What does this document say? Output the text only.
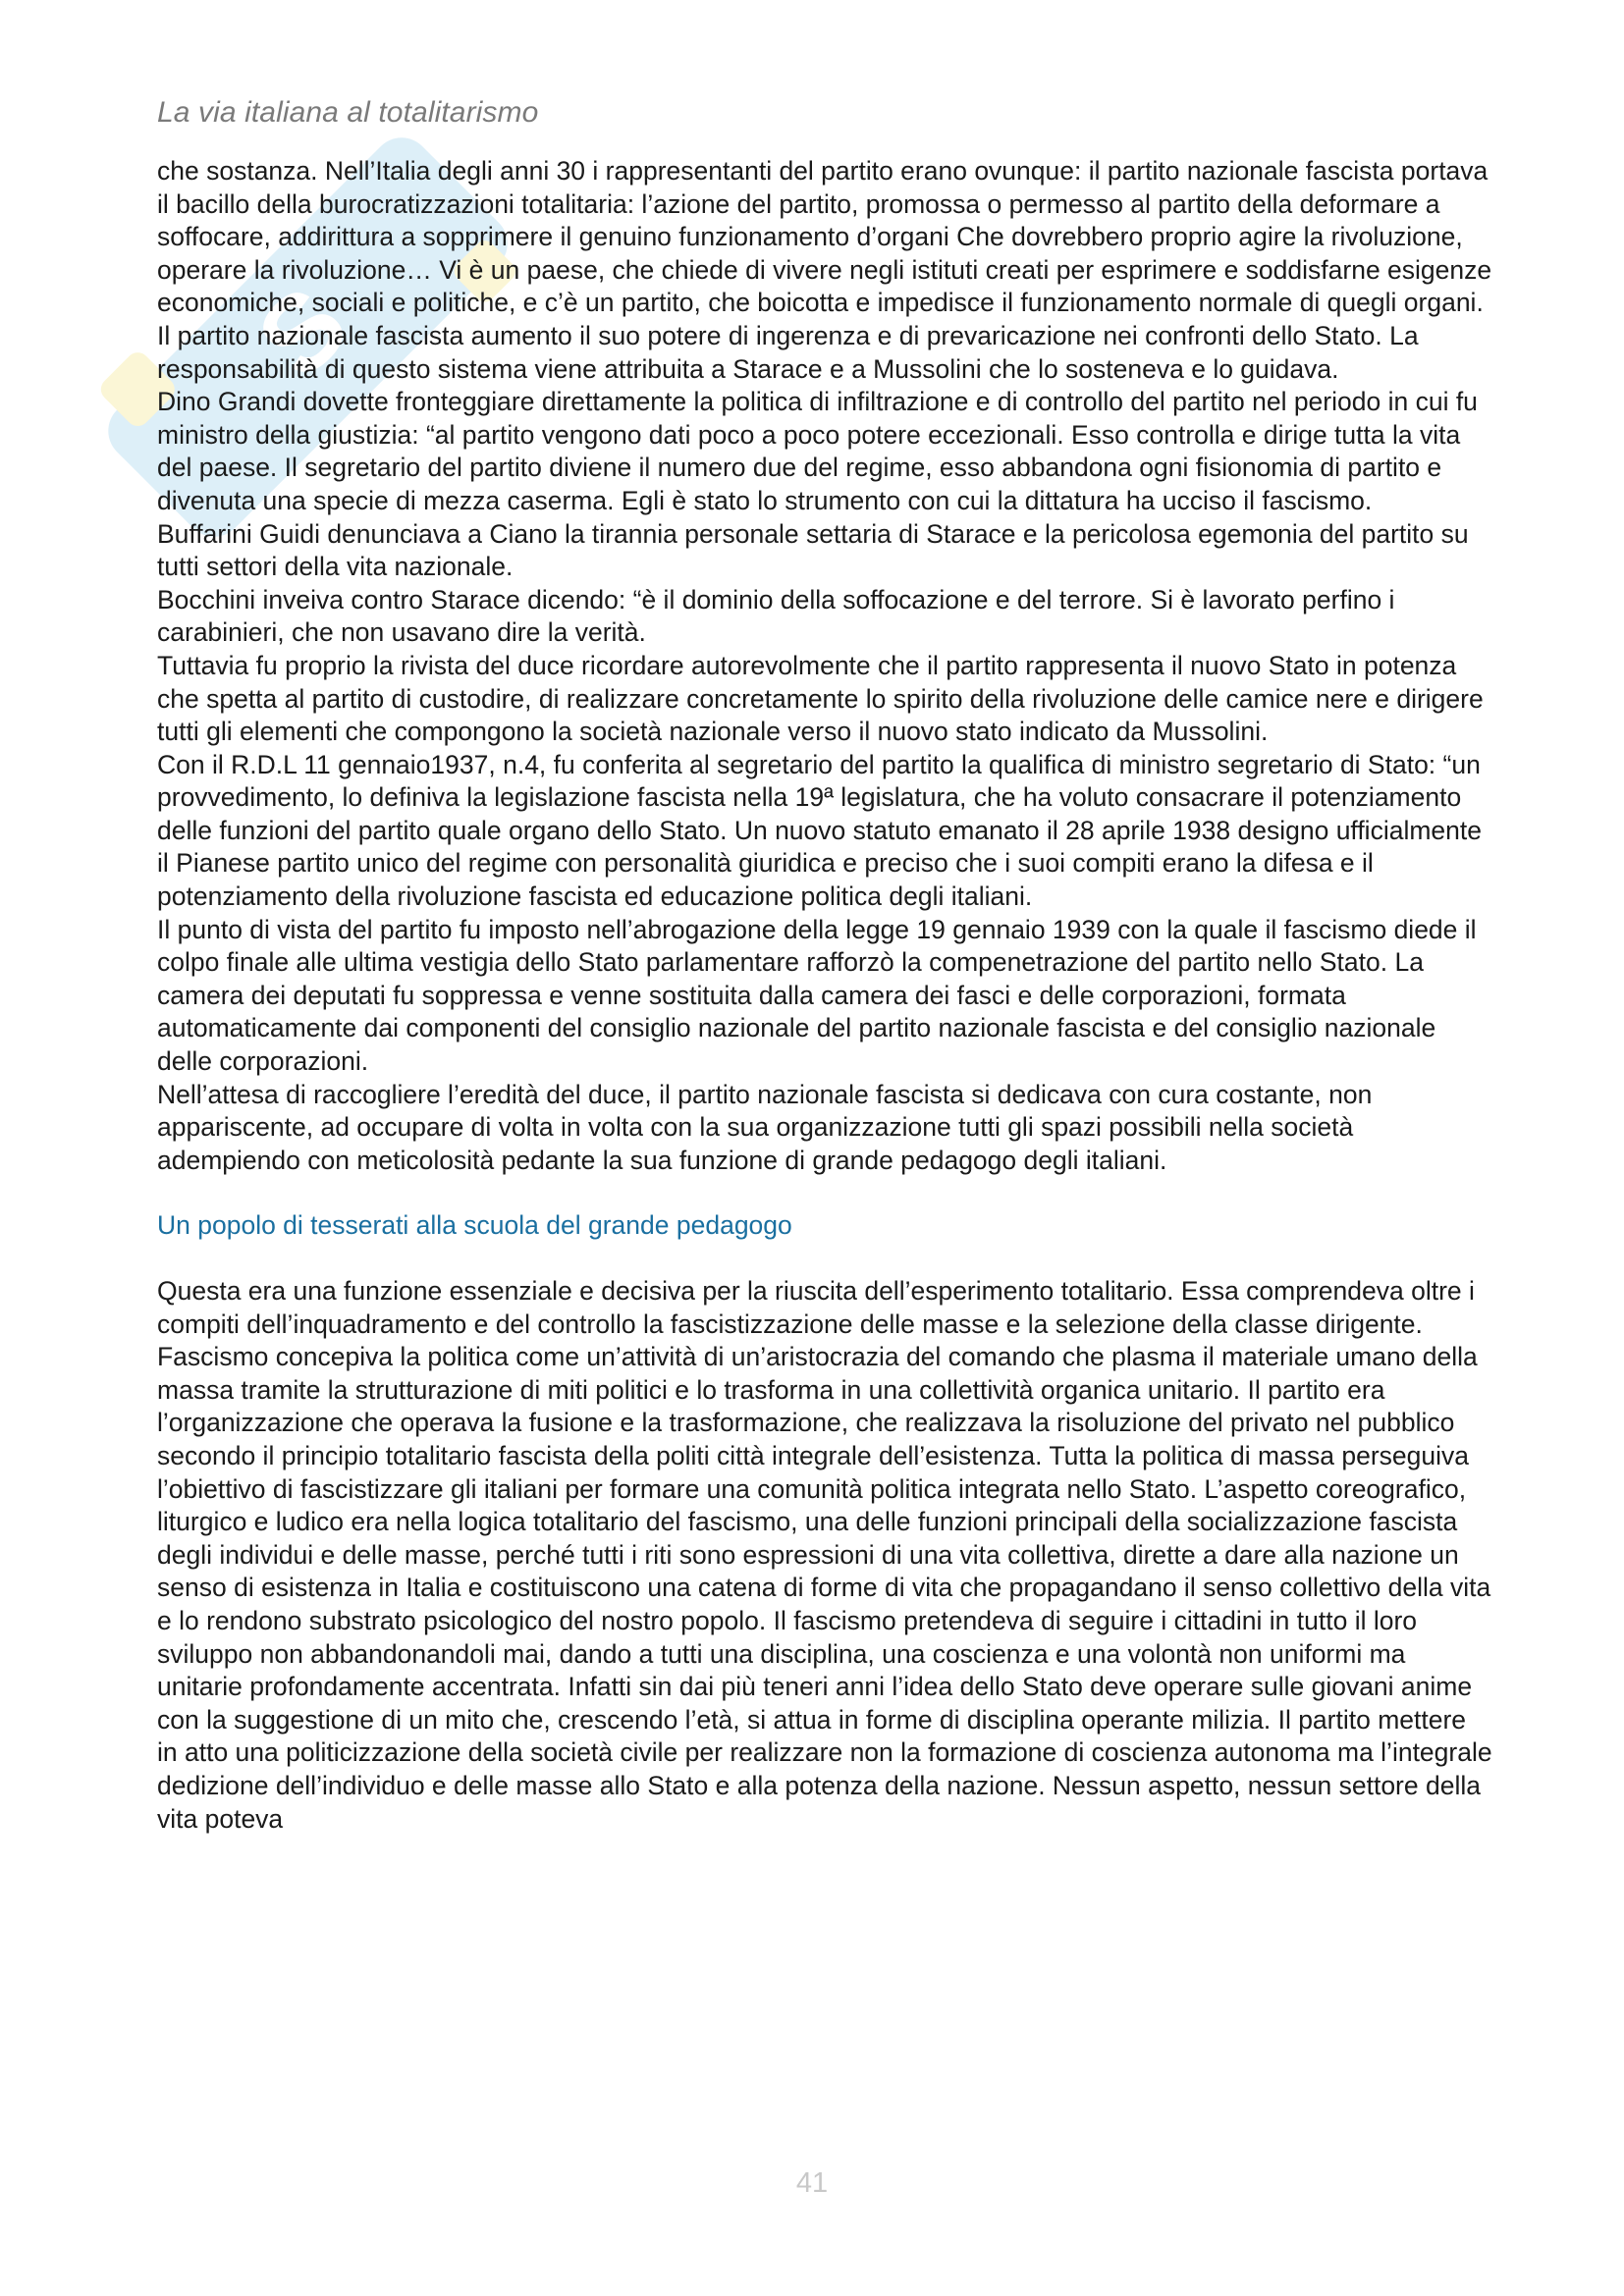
S
La via italiana al totalitarismo

che sostanza. Nell’Italia degli anni 30 i rappresentanti del partito erano ovunque: il partito nazionale fascista portava il bacillo della burocratizzazioni totalitaria: l’azione del partito, promossa o permesso al partito della deformare a soffocare, addirittura a sopprimere il genuino funzionamento d’organi Che dovrebbero proprio agire la rivoluzione, operare la rivoluzione… Vi è un paese, che chiede di vivere negli istituti creati per esprimere e soddisfarne esigenze economiche, sociali e politiche, e c’è un partito, che boicotta e impedisce il funzionamento normale di quegli organi. Il partito nazionale fascista aumento il suo potere di ingerenza e di prevaricazione nei confronti dello Stato. La responsabilità di questo sistema viene attribuita a Starace e a Mussolini che lo sosteneva e lo guidava.

Dino Grandi dovette fronteggiare direttamente la politica di infiltrazione e di controllo del partito nel periodo in cui fu ministro della giustizia: “al partito vengono dati poco a poco potere eccezionali. Esso controlla e dirige tutta la vita del paese. Il segretario del partito diviene il numero due del regime, esso abbandona ogni fisionomia di partito e divenuta una specie di mezza caserma. Egli è stato lo strumento con cui la dittatura ha ucciso il fascismo.

Buffarini Guidi denunciava a Ciano la tirannia personale settaria di Starace e la pericolosa egemonia del partito su tutti settori della vita nazionale.

Bocchini inveiva contro Starace dicendo: “è il dominio della soffocazione e del terrore. Si è lavorato perfino i carabinieri, che non usavano dire la verità.

Tuttavia fu proprio la rivista del duce ricordare autorevolmente che il partito rappresenta il nuovo Stato in potenza che spetta al partito di custodire, di realizzare concretamente lo spirito della rivoluzione delle camice nere e dirigere tutti gli elementi che compongono la società nazionale verso il nuovo stato indicato da Mussolini.

Con il R.D.L 11 gennaio1937, n.4, fu conferita al segretario del partito la qualifica di ministro segretario di Stato: “un provvedimento, lo definiva la legislazione fascista nella 19ª legislatura, che ha voluto consacrare il potenziamento delle funzioni del partito quale organo dello Stato. Un nuovo statuto emanato il 28 aprile 1938 designo ufficialmente il Pianese partito unico del regime con personalità giuridica e preciso che i suoi compiti erano la difesa e il potenziamento della rivoluzione fascista ed educazione politica degli italiani.

Il punto di vista del partito fu imposto nell’abrogazione della legge 19 gennaio 1939 con la quale il fascismo diede il colpo finale alle ultima vestigia dello Stato parlamentare rafforzò la compenetrazione del partito nello Stato. La camera dei deputati fu soppressa e venne sostituita dalla camera dei fasci e delle corporazioni, formata automaticamente dai componenti del consiglio nazionale del partito nazionale fascista e del consiglio nazionale delle corporazioni.

Nell’attesa di raccogliere l’eredità del duce, il partito nazionale fascista si dedicava con cura costante, non appariscente, ad occupare di volta in volta con la sua organizzazione tutti gli spazi possibili nella società adempiendo con meticolosità pedante la sua funzione di grande pedagogo degli italiani.

Un popolo di tesserati alla scuola del grande pedagogo

Questa era una funzione essenziale e decisiva per la riuscita dell’esperimento totalitario. Essa comprendeva oltre i compiti dell’inquadramento e del controllo la fascistizzazione delle masse e la selezione della classe dirigente.

Fascismo concepiva la politica come un’attività di un’aristocrazia del comando che plasma il materiale umano della massa tramite la strutturazione di miti politici e lo trasforma in una collettività organica unitario. Il partito era l’organizzazione che operava la fusione e la trasformazione, che realizzava la risoluzione del privato nel pubblico secondo il principio totalitario fascista della politi città integrale dell’esistenza. Tutta la politica di massa perseguiva l’obiettivo di fascistizzare gli italiani per formare una comunità politica integrata nello Stato. L’aspetto coreografico, liturgico e ludico era nella logica totalitario del fascismo, una delle funzioni principali della socializzazione fascista degli individui e delle masse, perché tutti i riti sono espressioni di una vita collettiva, dirette a dare alla nazione un senso di esistenza in Italia e costituiscono una catena di forme di vita che propagandano il senso collettivo della vita e lo rendono substrato psicologico del nostro popolo. Il fascismo pretendeva di seguire i cittadini in tutto il loro sviluppo non abbandonandoli mai, dando a tutti una disciplina, una coscienza e una volontà non uniformi ma unitarie profondamente accentrata. Infatti sin dai più teneri anni l’idea dello Stato deve operare sulle giovani anime con la suggestione di un mito che, crescendo l’età, si attua in forme di disciplina operante milizia. Il partito mettere in atto una politicizzazione della società civile per realizzare non la formazione di coscienza autonoma ma l’integrale dedizione dell’individuo e delle masse allo Stato e alla potenza della nazione. Nessun aspetto, nessun settore della vita poteva

41
